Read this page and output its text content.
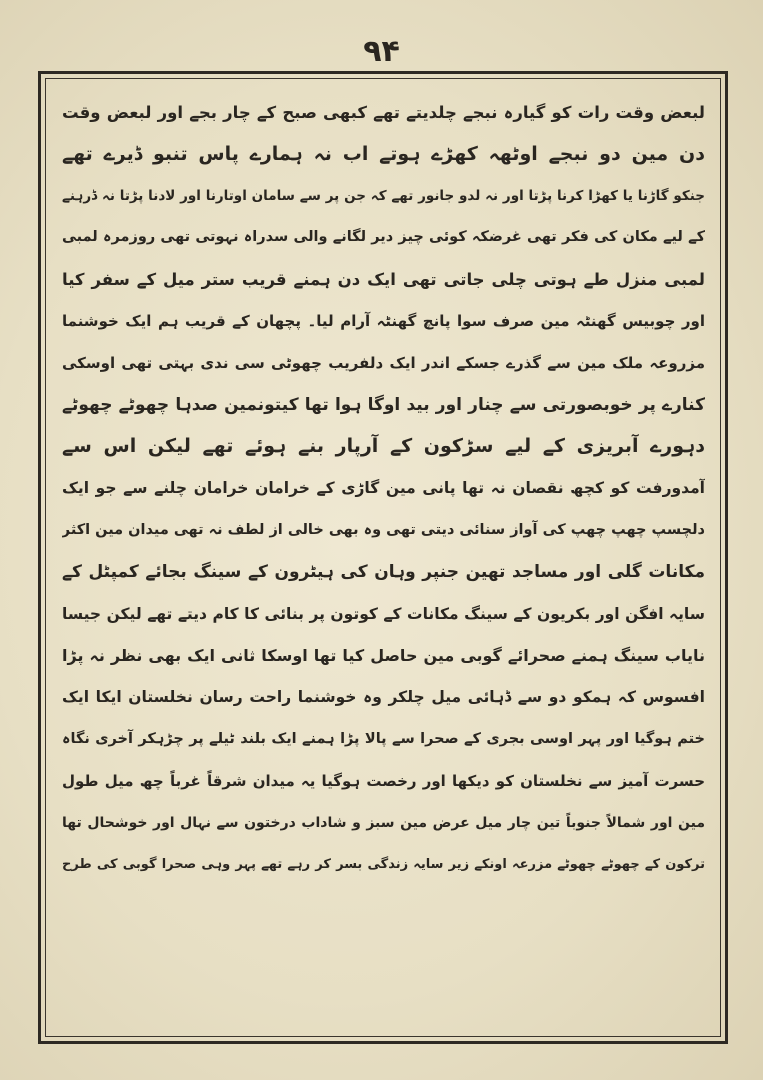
۹۴
لبعض وقت رات کو گیارہ نبجے چلدیتے تھے کبھی صبح کے چار بجے اور لبعض وقت
دن مین دو نبجے اوٹھہ کھڑے ہوتے اب نہ ہمارے پاس تنبو ڈیرے تھے
جنکو گاڑنا یا کھڑا کرنا پڑتا اور نہ لدو جانور تھے کہ جن پر سے سامان اوتارنا اور لادنا پڑتا نہ ڈرہنے
کے لیے مکان کی فکر تھی غرضکہ کوئی چیز دیر لگانے والی سدراہ نہوتی تھی روزمرہ لمبی
لمبی منزل طے ہوتی چلی جاتی تھی ایک دن ہمنے قریب ستر میل کے سفر کیا
اور چوبیس گھنٹہ مین صرف سوا پانچ گھنٹہ آرام لیا۔ پچھان کے قریب ہم ایک خوشنما
مزروعہ ملک مین سے گذرے جسکے اندر ایک دلفریب چھوٹی سی ندی بہتی تھی اوسکی
کنارے پر خوبصورتی سے چنار اور بید اوگا ہوا تھا کیتونمین صدہا چھوٹے چھوٹے
دہورے آبریزی کے لیے سڑکون کے آرپار بنے ہوئے تھے لیکن اس سے
آمدورفت کو کچھ نقصان نہ تھا پانی مین گاڑی کے خرامان خرامان چلنے سے جو ایک
دلچسپ چھپ چھپ کی آواز سنائی دیتی تھی وہ بھی خالی از لطف نہ تھی میدان مین اکثر
مکانات گلی اور مساجد تھین جنپر وہان کی ہیٹرون کے سینگ بجائے کمپٹل کے
سایہ افگن اور بکریون کے سینگ مکانات کے کوتون پر بنائی کا کام دیتے تھے لیکن جیسا
نایاب سینگ ہمنے صحرائے گوبی مین حاصل کیا تھا اوسکا ثانی ایک بھی نظر نہ پڑا
افسوس کہ ہمکو دو سے ڈہائی میل چلکر وہ خوشنما راحت رسان نخلستان ایکا ایک
ختم ہوگیا اور پہر اوسی بجری کے صحرا سے پالا پڑا ہمنے ایک بلند ٹیلے پر چڑہکر آخری نگاہ
حسرت آمیز سے نخلستان کو دیکھا اور رخصت ہوگیا یہ میدان شرقاً غرباً چھ میل طول
مین اور شمالاً جنوباً تین چار میل عرض مین سبز و شاداب درختون سے نہال اور خوشحال تھا
ترکون کے چھوٹے چھوٹے مزرعہ اونکے زیر سایہ زندگی بسر کر رہے تھے پہر وہی صحرا گوبی کی طرح
